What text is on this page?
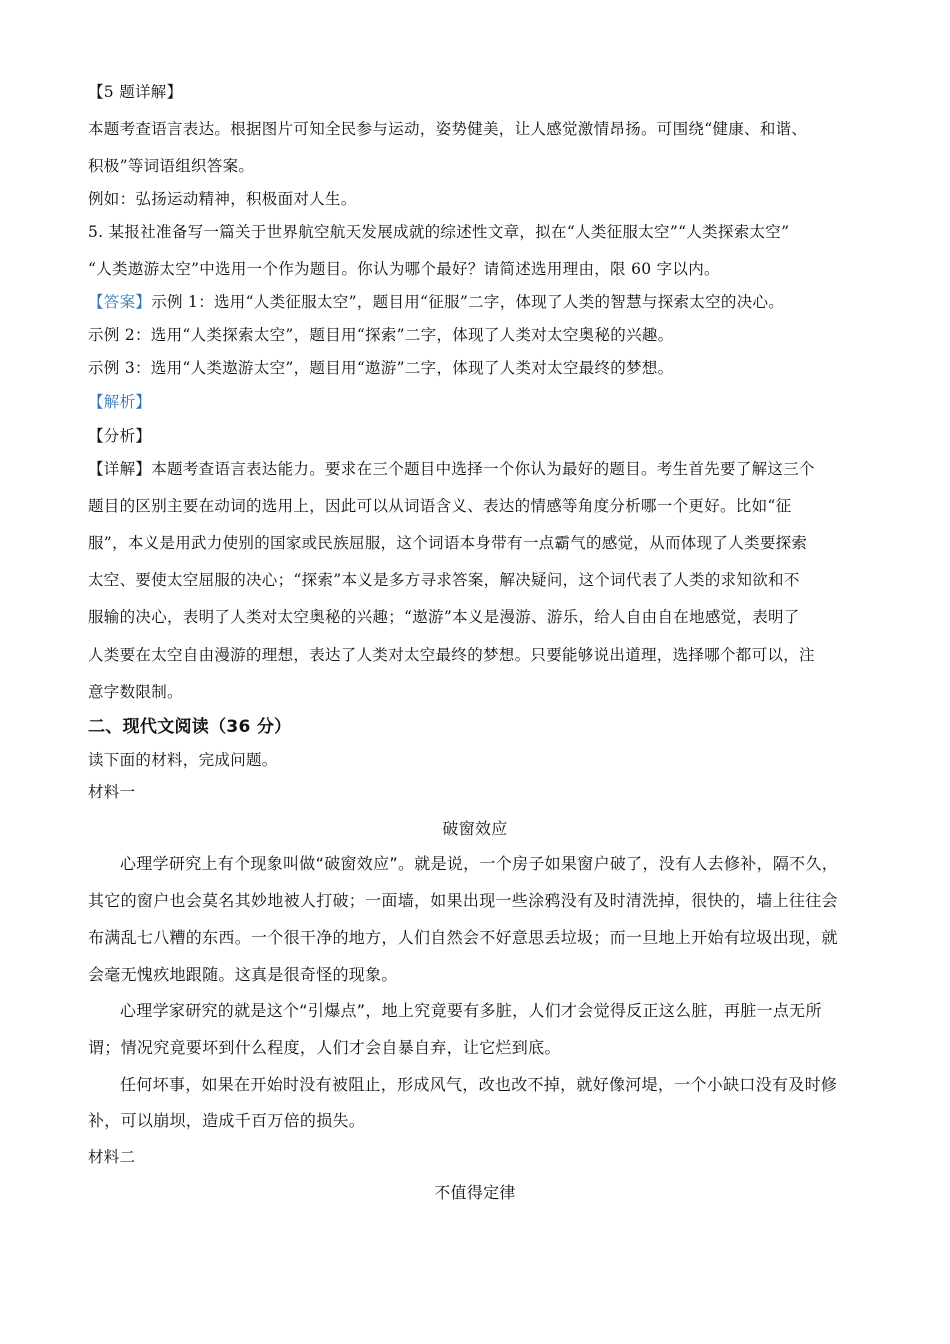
【5 题详解】
本题考查语言表达。根据图片可知全民参与运动，姿势健美，让人感觉激情昂扬。可围绕“健康、和谐、
积极”等词语组织答案。
例如：弘扬运动精神，积极面对人生。
5. 某报社准备写一篇关于世界航空航天发展成就的综述性文章，拟在“人类征服太空”“人类探索太空”
“人类遨游太空”中选用一个作为题目。你认为哪个最好？请简述选用理由，限 60 字以内。
【答案】示例 1：选用“人类征服太空”，题目用“征服”二字，体现了人类的智慧与探索太空的决心。
示例 2：选用“人类探索太空”，题目用“探索”二字，体现了人类对太空奥秘的兴趣。
示例 3：选用“人类遨游太空”，题目用“遨游”二字，体现了人类对太空最终的梦想。
【解析】
【分析】
【详解】本题考查语言表达能力。要求在三个题目中选择一个你认为最好的题目。考生首先要了解这三个
题目的区别主要在动词的选用上，因此可以从词语含义、表达的情感等角度分析哪一个更好。比如“征
服”，本义是用武力使别的国家或民族屈服，这个词语本身带有一点霸气的感觉，从而体现了人类要探索
太空、要使太空屈服的决心；“探索”本义是多方寻求答案，解决疑问，这个词代表了人类的求知欲和不
服输的决心，表明了人类对太空奥秘的兴趣；“遨游”本义是漫游、游乐，给人自由自在地感觉，表明了
人类要在太空自由漫游的理想，表达了人类对太空最终的梦想。只要能够说出道理，选择哪个都可以，注
意字数限制。
二、现代文阅读（36 分）
读下面的材料，完成问题。
材料一
破窗效应
心理学研究上有个现象叫做“破窗效应”。就是说，一个房子如果窗户破了，没有人去修补，隔不久，
其它的窗户也会莫名其妙地被人打破；一面墙，如果出现一些涂鸦没有及时清洗掉，很快的，墙上往往会
布满乱七八糟的东西。一个很干净的地方，人们自然会不好意思丢垃圾；而一旦地上开始有垃圾出现，就
会毫无愧疚地跟随。这真是很奇怪的现象。
心理学家研究的就是这个“引爆点”，地上究竟要有多脏，人们才会觉得反正这么脏，再脏一点无所
谓；情况究竟要坏到什么程度，人们才会自暴自弃，让它烂到底。
任何坏事，如果在开始时没有被阻止，形成风气，改也改不掉，就好像河堤，一个小缺口没有及时修
补，可以崩坝，造成千百万倍的损失。
材料二
不值得定律
